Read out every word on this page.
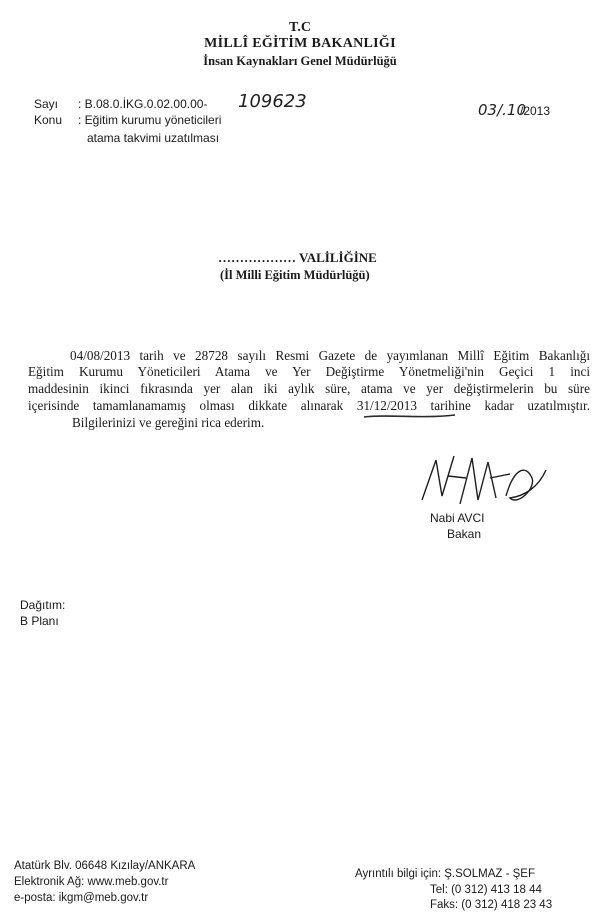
T.C
MİLLÎ EĞİTİM BAKANLIĞI
İnsan Kaynakları Genel Müdürlüğü
Sayı : B.08.0.İKG.0.02.00.00- 109623
Konu : Eğitim kurumu yöneticileri
atama takvimi uzatılması
03/.10
/2013
……………… VALİLİĞİNE
(İl Milli Eğitim Müdürlüğü)
04/08/2013 tarih ve 28728 sayılı Resmi Gazete de yayımlanan Millî Eğitim Bakanlığı
Eğitim Kurumu Yöneticileri Atama ve Yer Değiştirme Yönetmeliği'nin Geçici 1 inci
maddesinin ikinci fıkrasında yer alan iki aylık süre, atama ve yer değiştirmelerin bu süre
içerisinde tamamlanamamış olması dikkate alınarak 31/12/2013 tarihine kadar uzatılmıştır.
Bilgilerinizi ve gereğini rica ederim.
Nabi AVCI
Bakan
Dağıtım:
B Planı
Atatürk Blv. 06648 Kızılay/ANKARA
Elektronik Ağ: www.meb.gov.tr
e-posta: ikgm@meb.gov.tr
Ayrıntılı bilgi için: Ş.SOLMAZ - ŞEF
Tel: (0 312) 413 18 44
Faks: (0 312) 418 23 43
